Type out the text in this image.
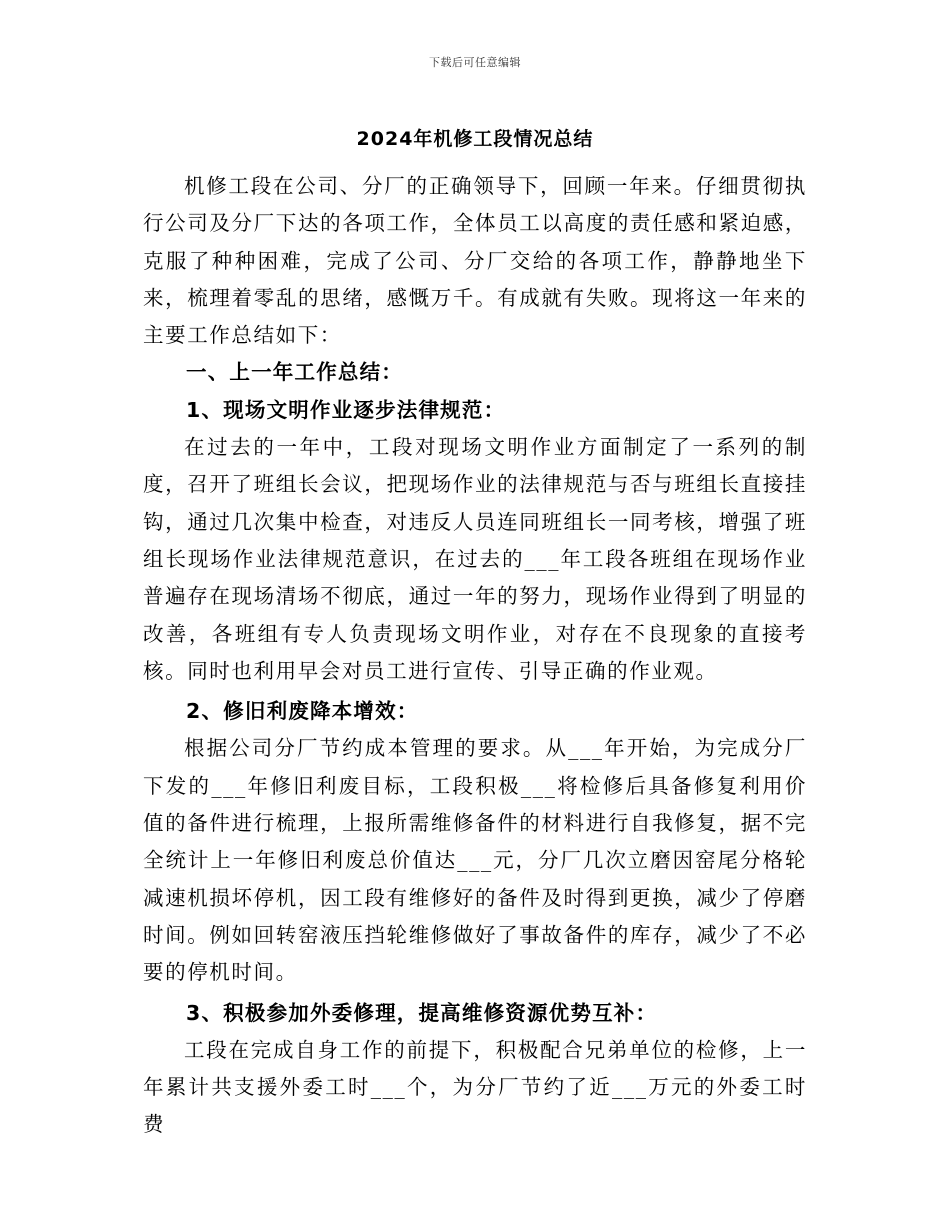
下载后可任意编辑
2024年机修工段情况总结

机修工段在公司、分厂的正确领导下，回顾一年来。仔细贯彻执行公司及分厂下达的各项工作，全体员工以高度的责任感和紧迫感，克服了种种困难，完成了公司、分厂交给的各项工作，静静地坐下来，梳理着零乱的思绪，感慨万千。有成就有失败。现将这一年来的主要工作总结如下：

一、上一年工作总结：

1、现场文明作业逐步法律规范：

在过去的一年中，工段对现场文明作业方面制定了一系列的制度，召开了班组长会议，把现场作业的法律规范与否与班组长直接挂钩，通过几次集中检查，对违反人员连同班组长一同考核，增强了班组长现场作业法律规范意识，在过去的___年工段各班组在现场作业普遍存在现场清场不彻底，通过一年的努力，现场作业得到了明显的改善，各班组有专人负责现场文明作业，对存在不良现象的直接考核。同时也利用早会对员工进行宣传、引导正确的作业观。

2、修旧利废降本增效：

根据公司分厂节约成本管理的要求。从___年开始，为完成分厂下发的___年修旧利废目标，工段积极___将检修后具备修复利用价值的备件进行梳理，上报所需维修备件的材料进行自我修复，据不完全统计上一年修旧利废总价值达___元，分厂几次立磨因窑尾分格轮减速机损坏停机，因工段有维修好的备件及时得到更换，减少了停磨时间。例如回转窑液压挡轮维修做好了事故备件的库存，减少了不必要的停机时间。

3、积极参加外委修理，提高维修资源优势互补：

工段在完成自身工作的前提下，积极配合兄弟单位的检修，上一年累计共支援外委工时___个，为分厂节约了近___万元的外委工时费
